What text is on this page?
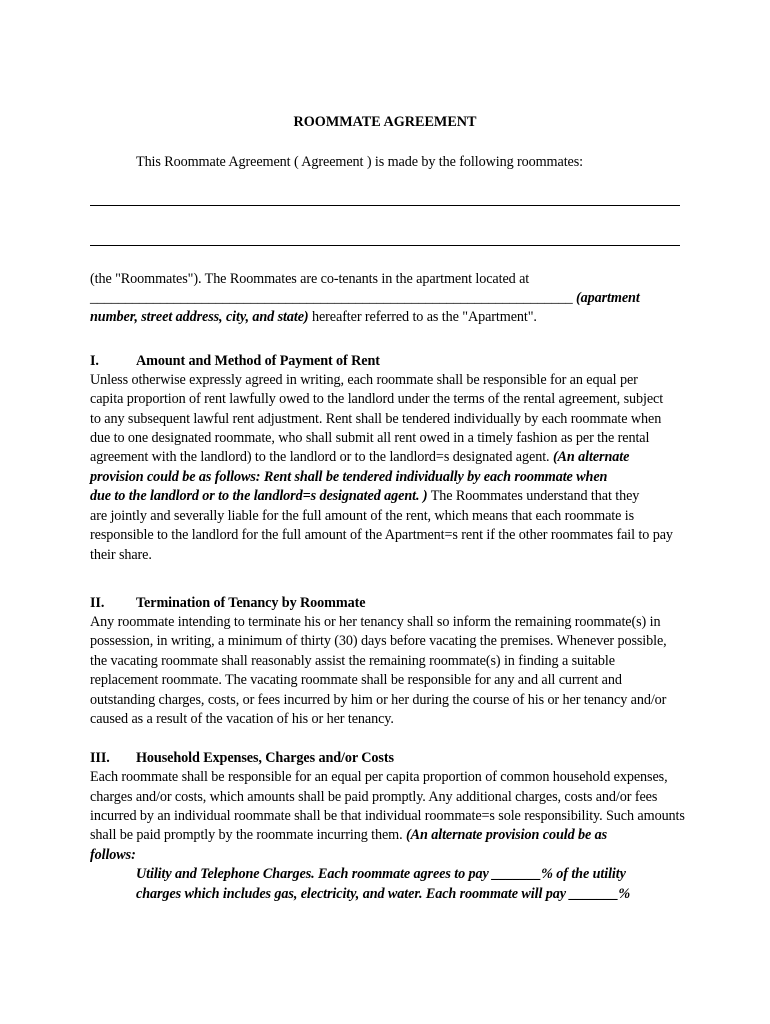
ROOMMATE AGREEMENT
This Roommate Agreement ( Agreement ) is made by the following roommates:
(the "Roommates"). The Roommates are co-tenants in the apartment located at
_____________________________________________________________________ (apartment
number, street address, city, and state) hereafter referred to as the "Apartment".
I.	Amount and Method of Payment of Rent
Unless otherwise expressly agreed in writing, each roommate shall be responsible for an equal per
capita proportion of rent lawfully owed to the landlord under the terms of the rental agreement, subject
to any subsequent lawful rent adjustment. Rent shall be tendered individually by each roommate when
due to one designated roommate, who shall submit all rent owed in a timely fashion as per the rental
agreement with the landlord) to the landlord or to the landlord=s designated agent. (An alternate
provision could be as follows: Rent shall be tendered individually by each roommate when
due to the landlord or to the landlord=s designated agent. ) The Roommates understand that they
are jointly and severally liable for the full amount of the rent, which means that each roommate is
responsible to the landlord for the full amount of the Apartment=s rent if the other roommates fail to pay
their share.
II. Termination of Tenancy by Roommate
Any roommate intending to terminate his or her tenancy shall so inform the remaining roommate(s) in
possession, in writing, a minimum of thirty (30) days before vacating the premises. Whenever possible,
the vacating roommate shall reasonably assist the remaining roommate(s) in finding a suitable
replacement roommate. The vacating roommate shall be responsible for any and all current and
outstanding charges, costs, or fees incurred by him or her during the course of his or her tenancy and/or
caused as a result of the vacation of his or her tenancy.
III. Household Expenses, Charges and/or Costs
Each roommate shall be responsible for an equal per capita proportion of common household expenses,
charges and/or costs, which amounts shall be paid promptly. Any additional charges, costs and/or fees
incurred by an individual roommate shall be that individual roommate=s sole responsibility. Such amounts
shall be paid promptly by the roommate incurring them. (An alternate provision could be as
follows:
Utility and Telephone Charges. Each roommate agrees to pay _______% of the utility
charges which includes gas, electricity, and water. Each roommate will pay _______%
